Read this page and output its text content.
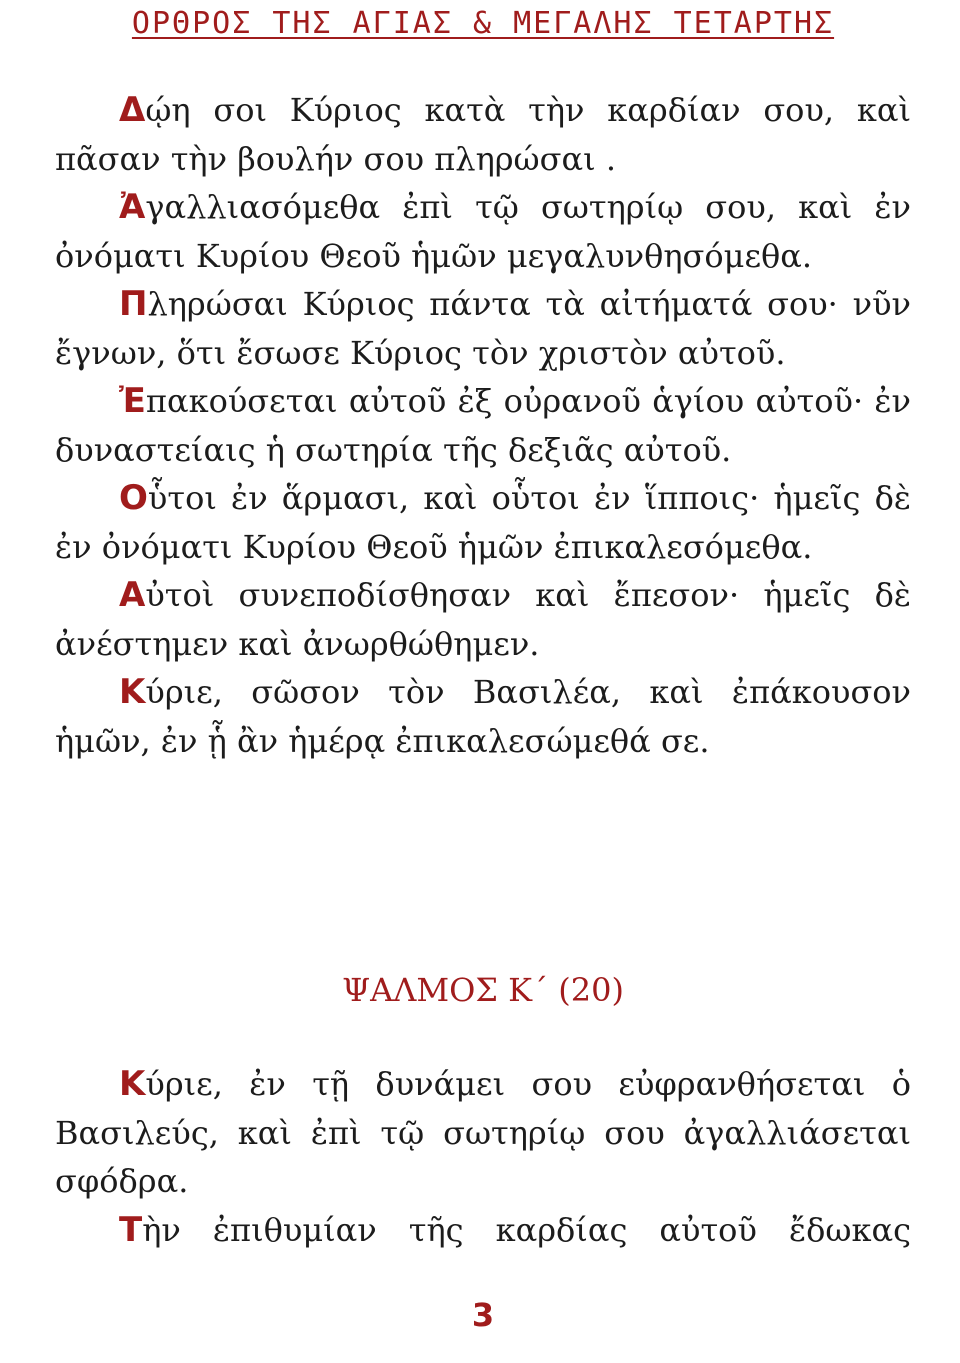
ΟΡΘΡΟΣ ΤΗΣ ΑΓΙΑΣ & ΜΕΓΑΛΗΣ ΤΕΤΑΡΤΗΣ

Δῴη σοι Κύριος κατὰ τὴν καρδίαν σου, καὶ πᾶσαν τὴν βουλήν σου πληρώσαι .

Ἀγαλλιασόμεθα ἐπὶ τῷ σωτηρίῳ σου, καὶ ἐν ὀνόματι Κυρίου Θεοῦ ἡμῶν μεγαλυνθησόμεθα.

Πληρώσαι Κύριος πάντα τὰ αἰτήματά σου· νῦν ἔγνων, ὅτι ἔσωσε Κύριος τὸν χριστὸν αὐτοῦ.

Ἐπακούσεται αὐτοῦ ἐξ οὐρανοῦ ἁγίου αὐτοῦ· ἐν δυναστείαις ἡ σωτηρία τῆς δεξιᾶς αὐτοῦ.

Οὗτοι ἐν ἅρμασι, καὶ οὗτοι ἐν ἵπποις· ἡμεῖς δὲ ἐν ὀνόματι Κυρίου Θεοῦ ἡμῶν ἐπικαλεσόμεθα.

Αὐτοὶ συνεποδίσθησαν καὶ ἔπεσον· ἡμεῖς δὲ ἀνέστημεν καὶ ἀνωρθώθημεν.

Κύριε, σῶσον τὸν Βασιλέα, καὶ ἐπάκουσον ἡμῶν, ἐν ᾗ ἂν ἡμέρᾳ ἐπικαλεσώμεθά σε.

ΨΑΛΜΟΣ Κ΄ (20)

Κύριε, ἐν τῇ δυνάμει σου εὐφρανθήσεται ὁ Βασιλεύς, καὶ ἐπὶ τῷ σωτηρίῳ σου ἀγαλλιάσεται σφόδρα.

Τὴν ἐπιθυμίαν τῆς καρδίας αὐτοῦ ἔδωκας

3
